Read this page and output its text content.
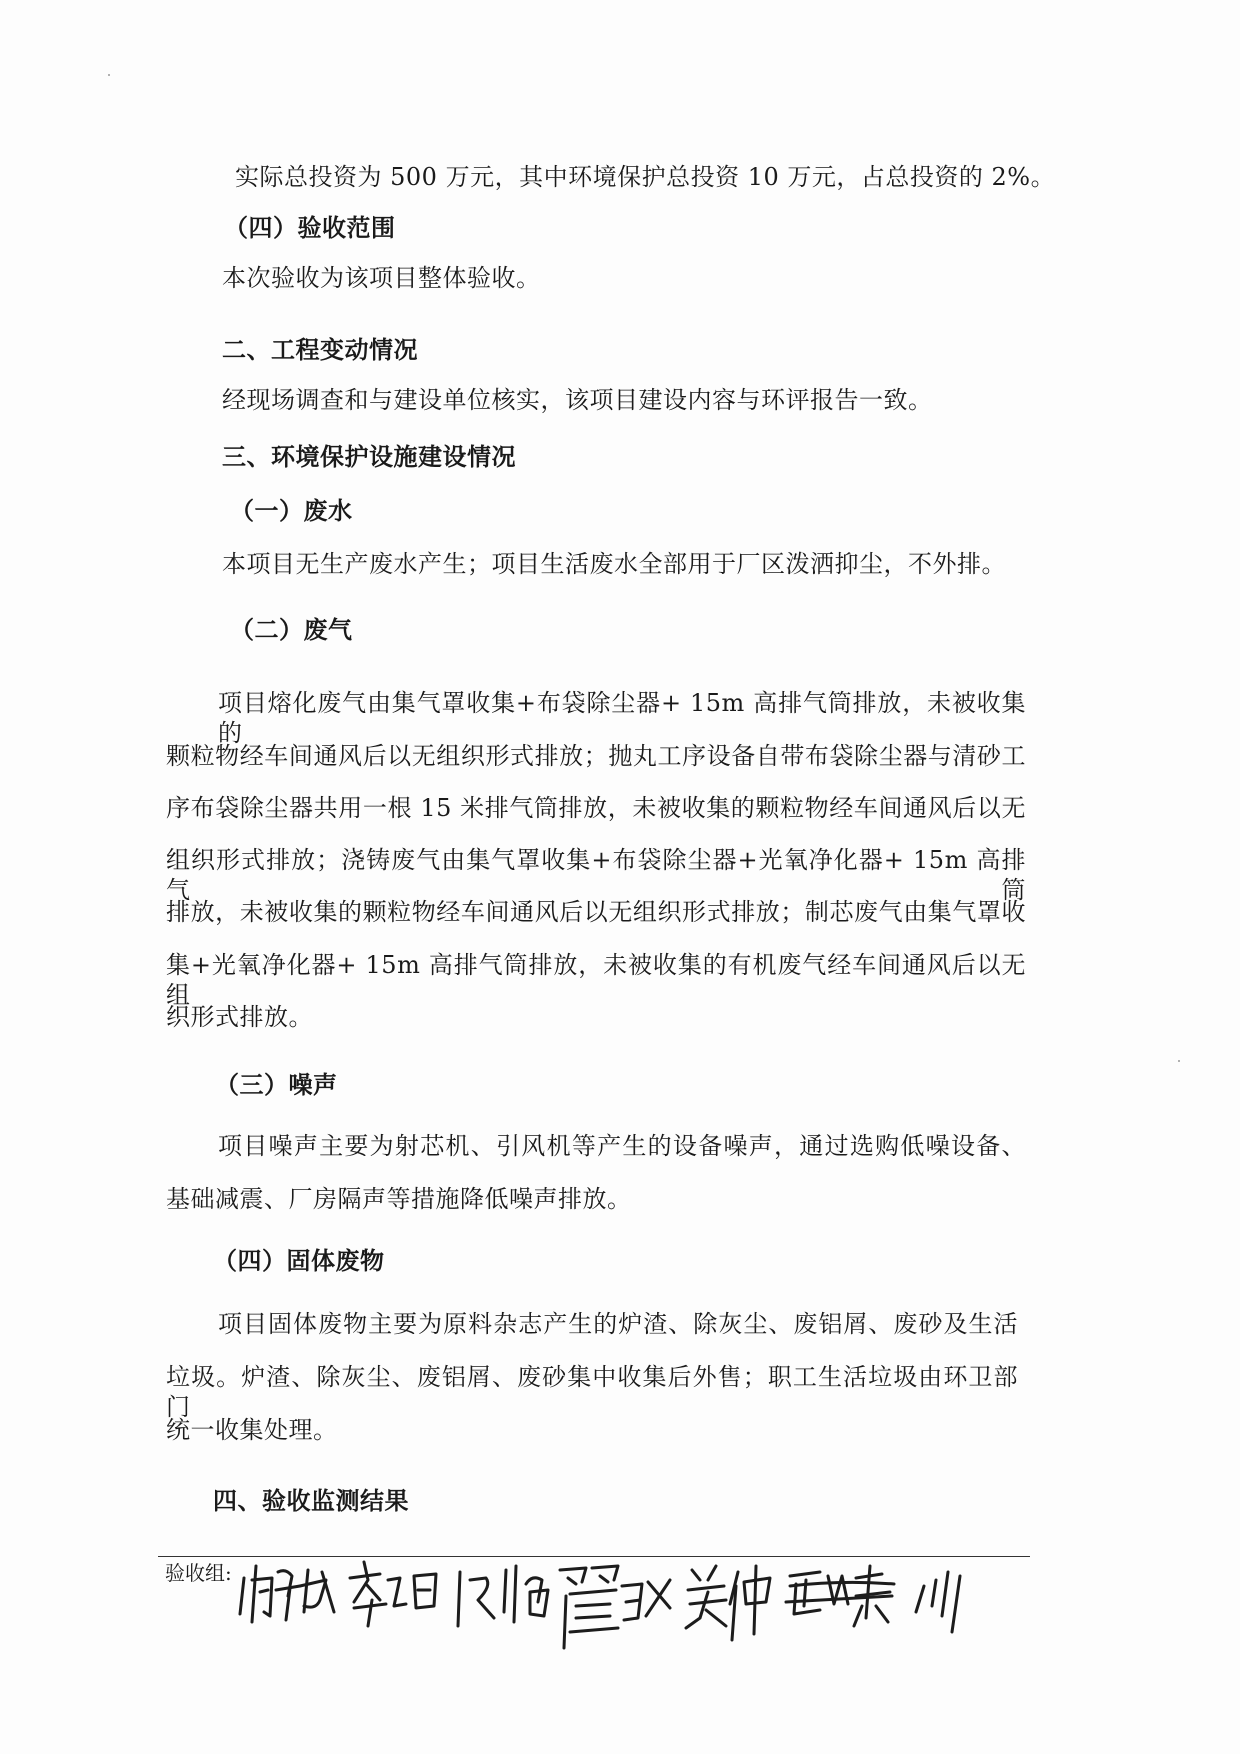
实际总投资为 500 万元，其中环境保护总投资 10 万元，占总投资的 2%。
（四）验收范围
本次验收为该项目整体验收。
二、工程变动情况
经现场调查和与建设单位核实，该项目建设内容与环评报告一致。
三、环境保护设施建设情况
（一）废水
本项目无生产废水产生；项目生活废水全部用于厂区泼洒抑尘，不外排。
（二）废气
项目熔化废气由集气罩收集+布袋除尘器+ 15m 高排气筒排放，未被收集的
颗粒物经车间通风后以无组织形式排放；抛丸工序设备自带布袋除尘器与清砂工
序布袋除尘器共用一根 15 米排气筒排放，未被收集的颗粒物经车间通风后以无
组织形式排放；浇铸废气由集气罩收集+布袋除尘器+光氧净化器+ 15m 高排气筒
排放，未被收集的颗粒物经车间通风后以无组织形式排放；制芯废气由集气罩收
集+光氧净化器+ 15m 高排气筒排放，未被收集的有机废气经车间通风后以无组
织形式排放。
（三）噪声
项目噪声主要为射芯机、引风机等产生的设备噪声，通过选购低噪设备、
基础减震、厂房隔声等措施降低噪声排放。
（四）固体废物
项目固体废物主要为原料杂志产生的炉渣、除灰尘、废铝屑、废砂及生活
垃圾。炉渣、除灰尘、废铝屑、废砂集中收集后外售；职工生活垃圾由环卫部门
统一收集处理。
四、验收监测结果
验收组:
